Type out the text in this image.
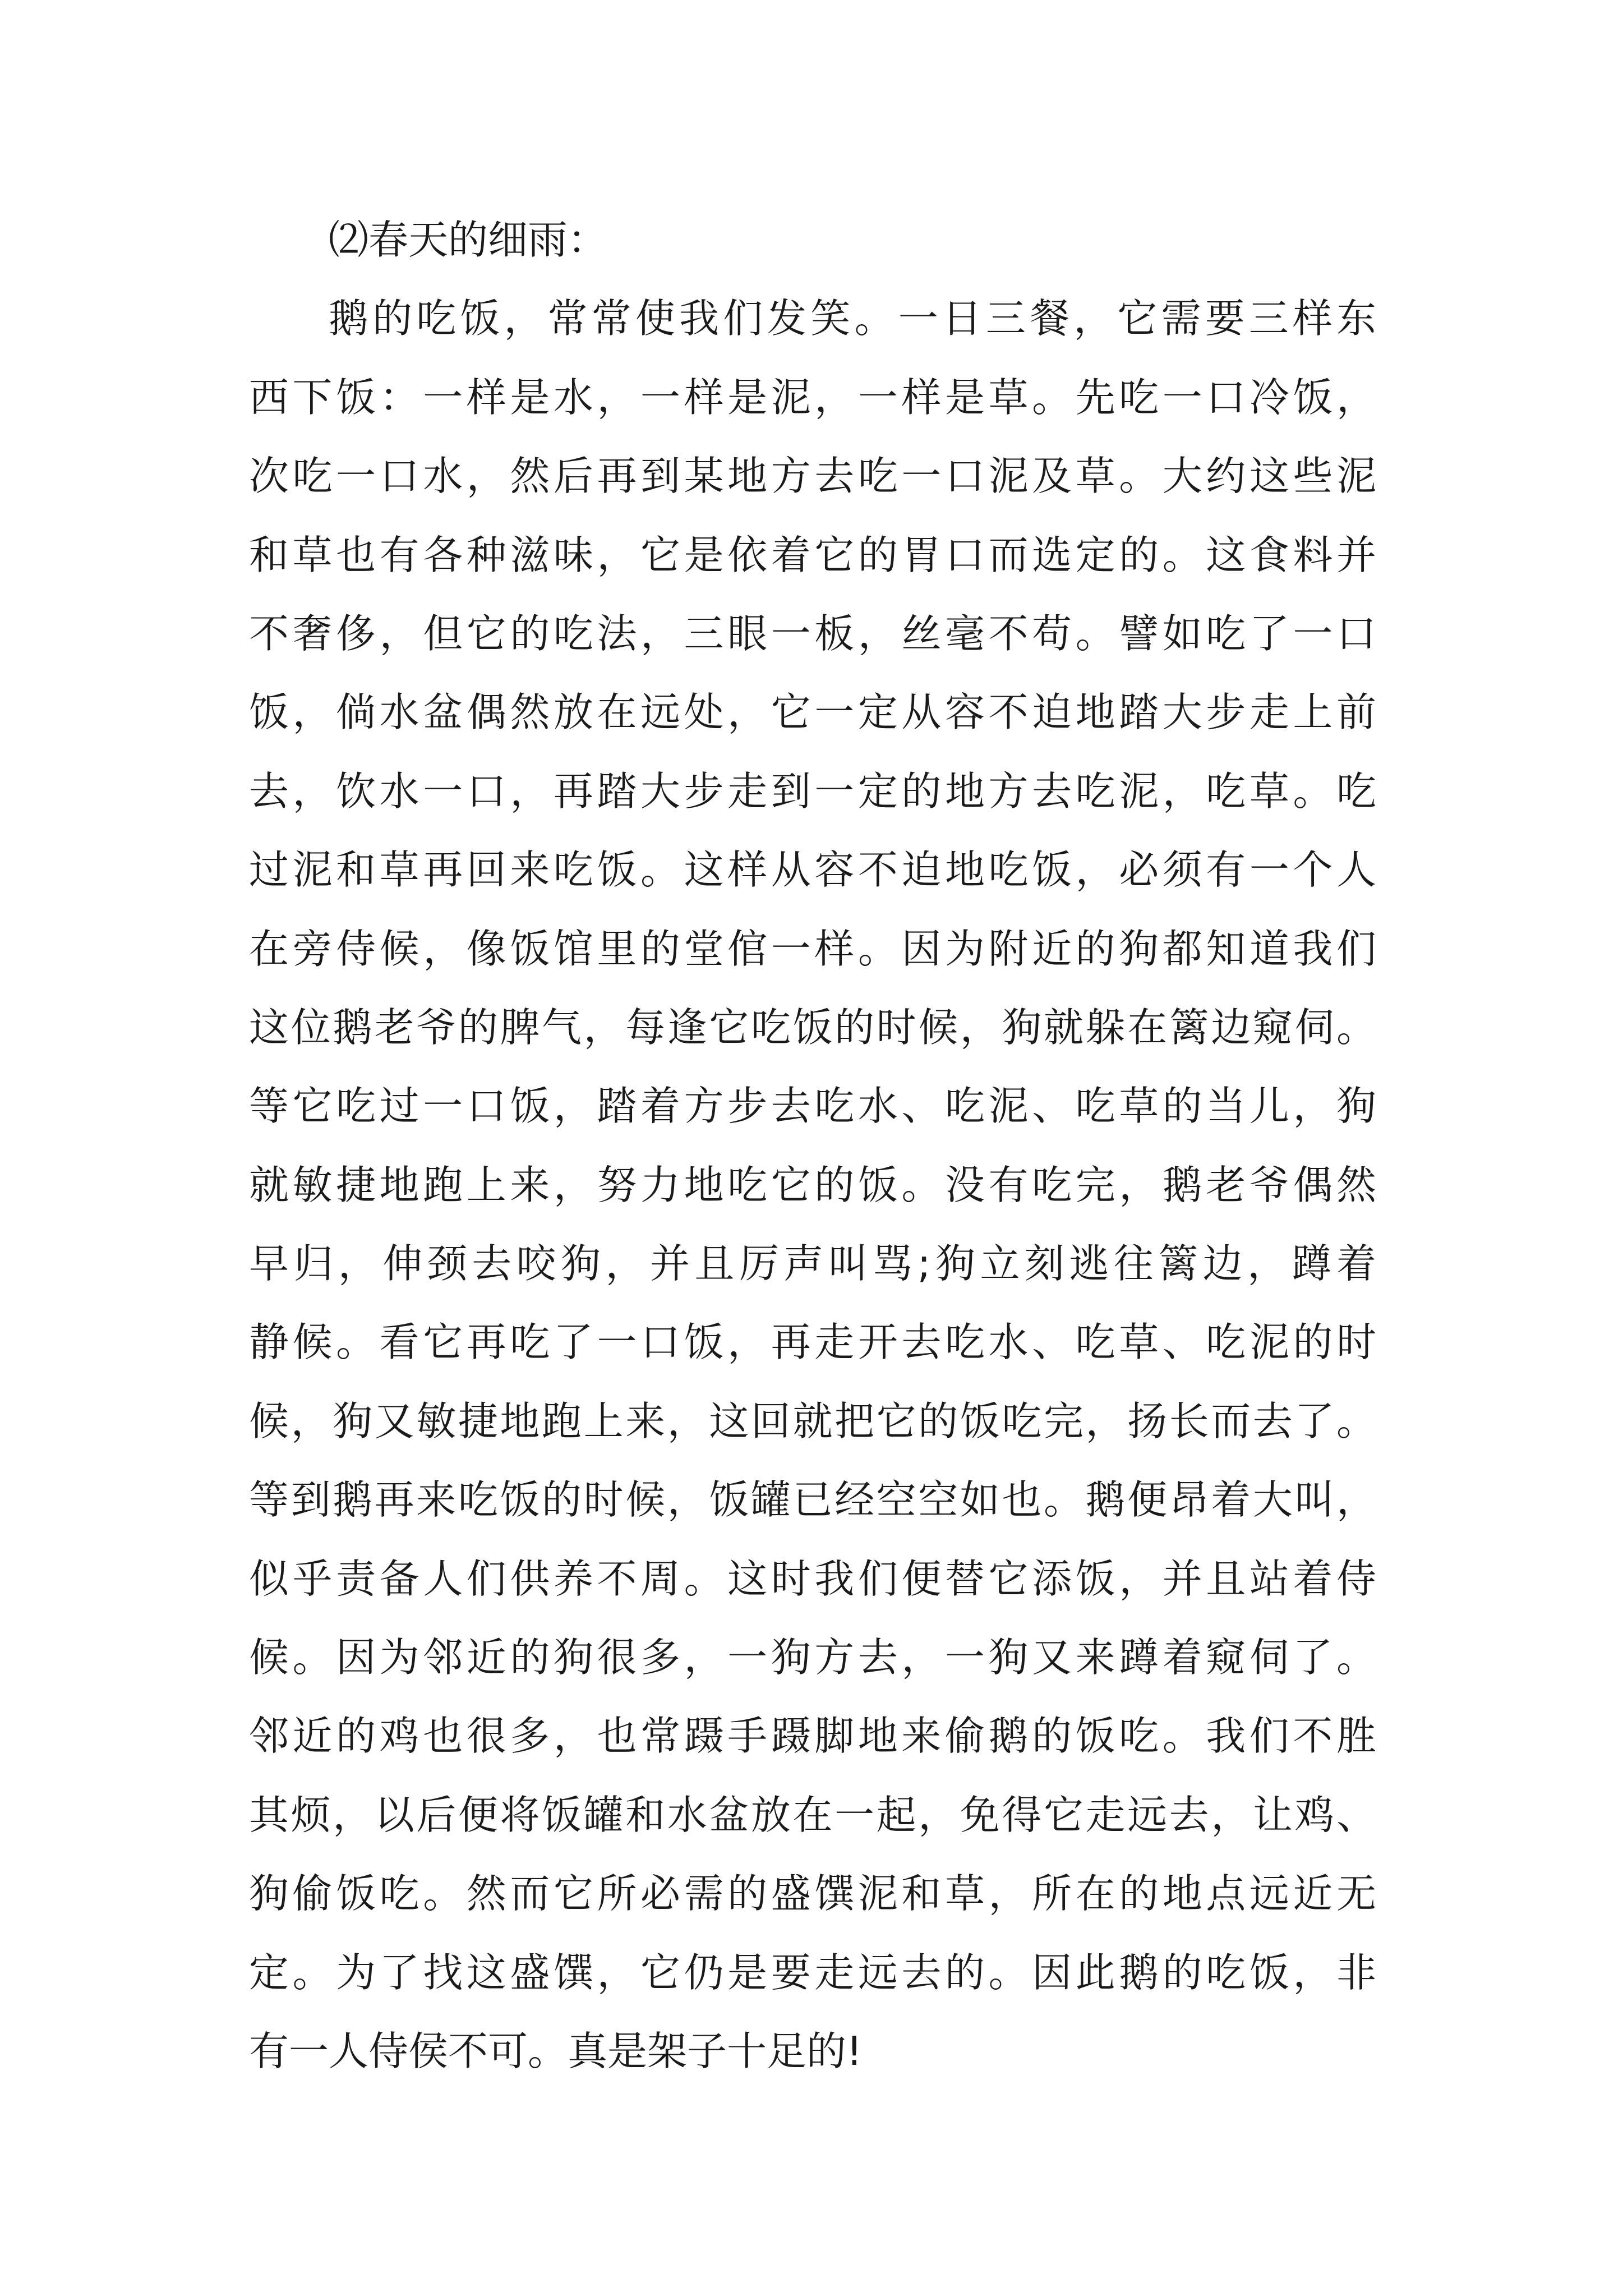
⑵春天的细雨：
鹅的吃饭，常常使我们发笑。一日三餐，它需要三样东
西下饭：一样是水，一样是泥，一样是草。先吃一口冷饭，
次吃一口水，然后再到某地方去吃一口泥及草。大约这些泥
和草也有各种滋味，它是依着它的胃口而选定的。这食料并
不奢侈，但它的吃法，三眼一板，丝毫不苟。譬如吃了一口
饭，倘水盆偶然放在远处，它一定从容不迫地踏大步走上前
去，饮水一口，再踏大步走到一定的地方去吃泥，吃草。吃
过泥和草再回来吃饭。这样从容不迫地吃饭，必须有一个人
在旁侍候，像饭馆里的堂倌一样。因为附近的狗都知道我们
这位鹅老爷的脾气，每逢它吃饭的时候，狗就躲在篱边窥伺。
等它吃过一口饭，踏着方步去吃水、吃泥、吃草的当儿，狗
就敏捷地跑上来，努力地吃它的饭。没有吃完，鹅老爷偶然
早归，伸颈去咬狗，并且厉声叫骂;狗立刻逃往篱边，蹲着
静候。看它再吃了一口饭，再走开去吃水、吃草、吃泥的时
候，狗又敏捷地跑上来，这回就把它的饭吃完，扬长而去了。
等到鹅再来吃饭的时候，饭罐已经空空如也。鹅便昂着大叫，
似乎责备人们供养不周。这时我们便替它添饭，并且站着侍
候。因为邻近的狗很多，一狗方去，一狗又来蹲着窥伺了。
邻近的鸡也很多，也常蹑手蹑脚地来偷鹅的饭吃。我们不胜
其烦，以后便将饭罐和水盆放在一起，免得它走远去，让鸡、
狗偷饭吃。然而它所必需的盛馔泥和草，所在的地点远近无
定。为了找这盛馔，它仍是要走远去的。因此鹅的吃饭，非
有一人侍侯不可。真是架子十足的!
